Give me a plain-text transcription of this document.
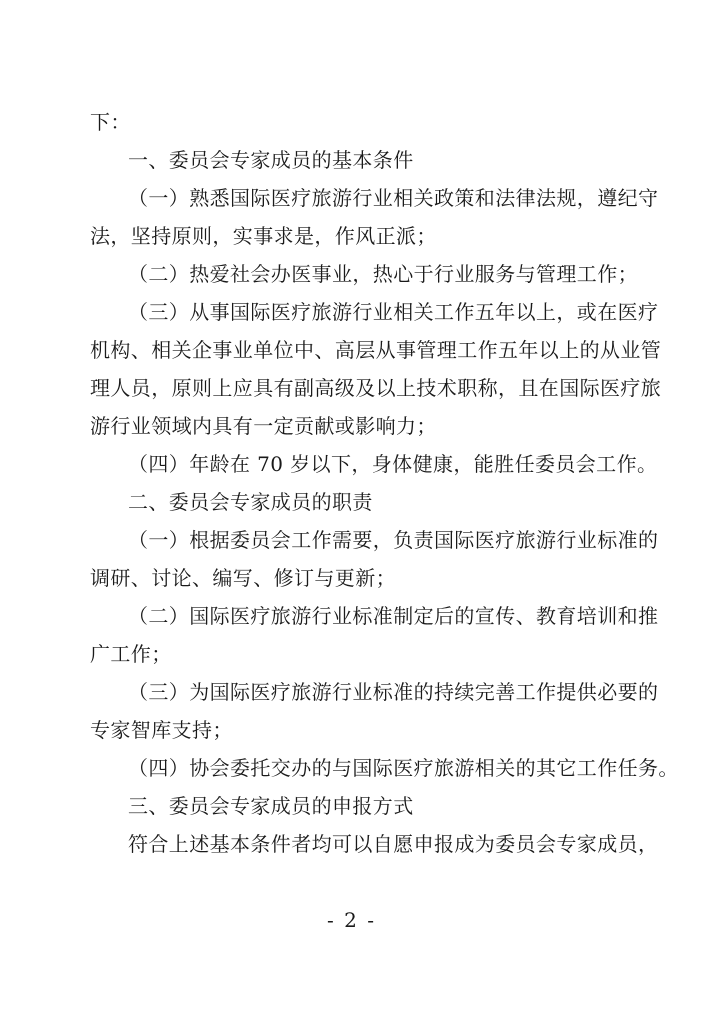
下：
一、委员会专家成员的基本条件
（一）熟悉国际医疗旅游行业相关政策和法律法规，遵纪守
法，坚持原则，实事求是，作风正派；
（二）热爱社会办医事业，热心于行业服务与管理工作；
（三）从事国际医疗旅游行业相关工作五年以上，或在医疗
机构、相关企事业单位中、高层从事管理工作五年以上的从业管
理人员，原则上应具有副高级及以上技术职称，且在国际医疗旅
游行业领域内具有一定贡献或影响力；
（四）年龄在 70 岁以下，身体健康，能胜任委员会工作。
二、委员会专家成员的职责
（一）根据委员会工作需要，负责国际医疗旅游行业标准的
调研、讨论、编写、修订与更新；
（二）国际医疗旅游行业标准制定后的宣传、教育培训和推
广工作；
（三）为国际医疗旅游行业标准的持续完善工作提供必要的
专家智库支持；
（四）协会委托交办的与国际医疗旅游相关的其它工作任务。
三、委员会专家成员的申报方式
符合上述基本条件者均可以自愿申报成为委员会专家成员，
- 2 -
